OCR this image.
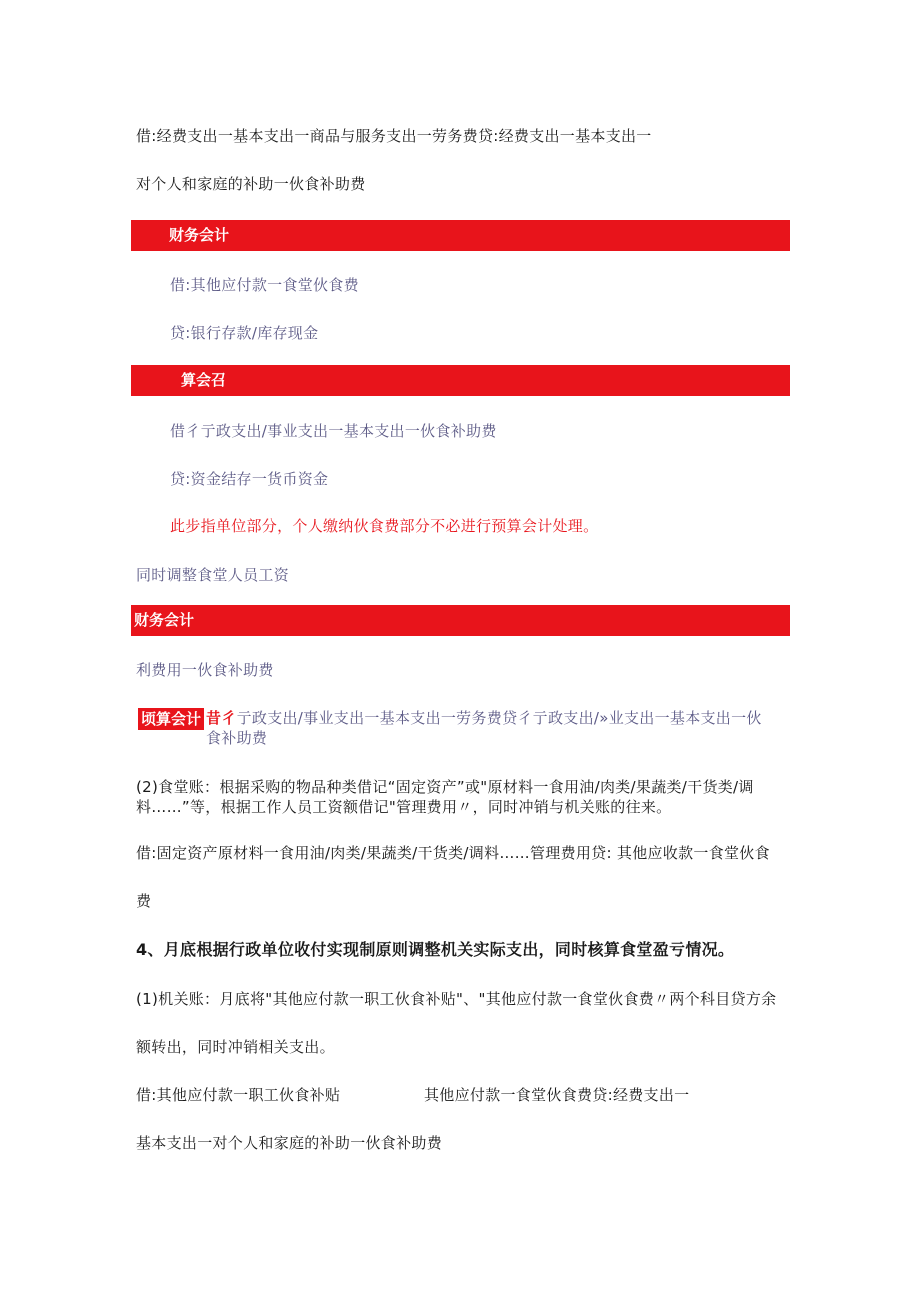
借:经费支出一基本支出一商品与服务支出一劳务费贷:经费支出一基本支出一
对个人和家庭的补助一伙食补助费
财务会计
借:其他应付款一食堂伙食费
贷:银行存款/库存现金
算会召
借彳亍政支出/事业支出一基本支出一伙食补助费
贷:资金结存一货币资金
此步指单位部分，个人缴纳伙食费部分不必进行预算会计处理。
同时调整食堂人员工资
财务会计
利费用一伙食补助费
顷算会计 昔彳亍政支出/事业支出一基本支出一劳务费贷彳亍政支出/»业支出一基本支出一伙
食补助费
(2)食堂账：根据采购的物品种类借记“固定资产”或"原材料一食用油/肉类/果蔬类/干货类/调
料……”等，根据工作人员工资额借记"管理费用〃，同时冲销与机关账的往来。
借:固定资产原材料一食用油/肉类/果蔬类/干货类/调料……管理费用贷: 其他应收款一食堂伙食
费
4、月底根据行政单位收付实现制原则调整机关实际支出，同时核算食堂盈亏情况。
(1)机关账：月底将"其他应付款一职工伙食补贴"、"其他应付款一食堂伙食费〃两个科目贷方余
额转出，同时冲销相关支出。
借:其他应付款一职工伙食补贴	其他应付款一食堂伙食费贷:经费支出一
基本支出一对个人和家庭的补助一伙食补助费
